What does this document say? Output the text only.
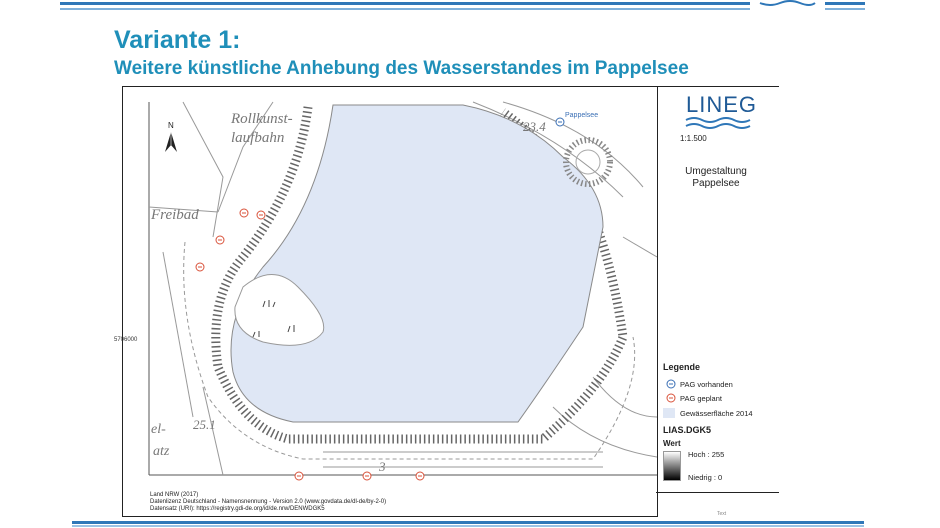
Variante 1:
Weitere künstliche Anhebung des Wasserstandes im Pappelsee
N	Rollkunst-
laufbahn
Freibad
el-
atz
25.1
23.4
3
Pappelsee
5706000
Land NRW (2017)
Datenlizenz Deutschland - Namensnennung - Version 2.0 (www.govdata.de/dl-de/by-2-0)
Datensatz (URI): https://registry.gdi-de.org/id/de.nrw/DENWDGK5
LINEG
1:1.500
Umgestaltung
Pappelsee
Legende
PAG vorhanden
PAG geplant
Gewässerfläche 2014
LIAS.DGK5
Wert
Hoch : 255
Niedrig : 0
Text
